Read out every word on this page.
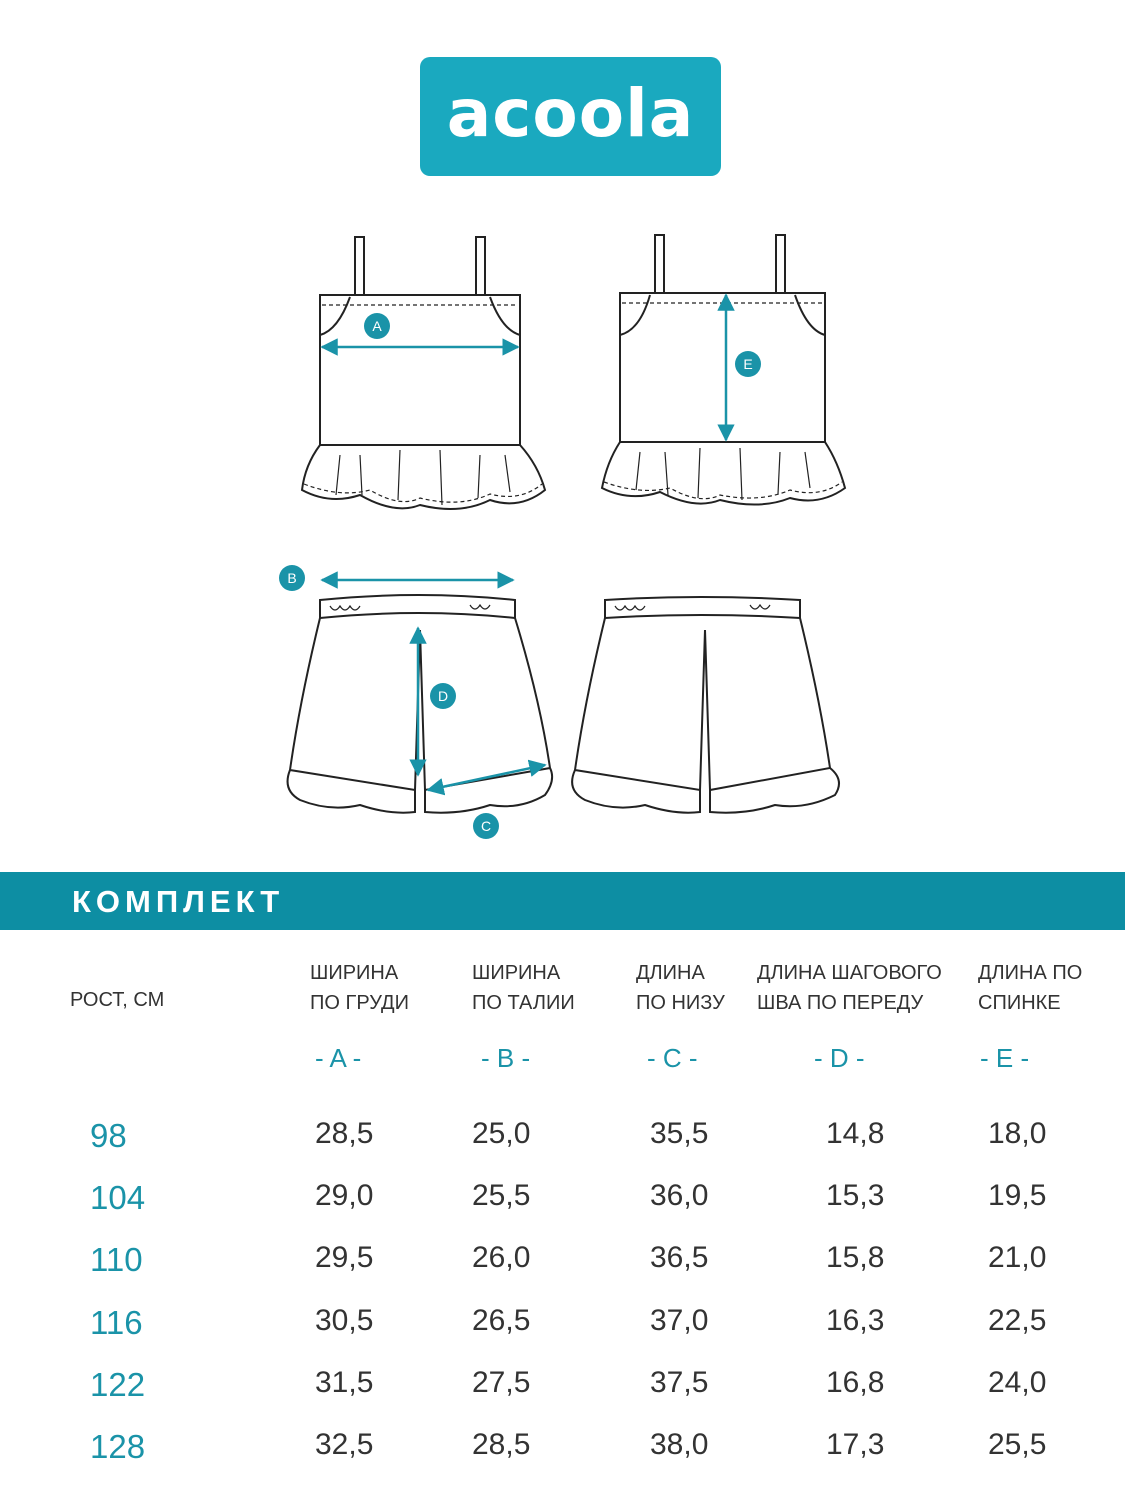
acoola
A
E
B
D
C
КОМПЛЕКТ
РОСТ, СМ
ШИРИНА
ПО ГРУДИ
ШИРИНА
ПО ТАЛИИ
ДЛИНА
ПО НИЗУ
ДЛИНА ШАГОВОГО
ШВА ПО ПЕРЕДУ
ДЛИНА ПО
СПИНКЕ
- A -	- B -	- C -	- D -	- E -
98	28,5	25,0	35,5	14,8	18,0
104	29,0	25,5	36,0	15,3	19,5
110	29,5	26,0	36,5	15,8	21,0
116	30,5	26,5	37,0	16,3	22,5
122	31,5	27,5	37,5	16,8	24,0
128	32,5	28,5	38,0	17,3	25,5
